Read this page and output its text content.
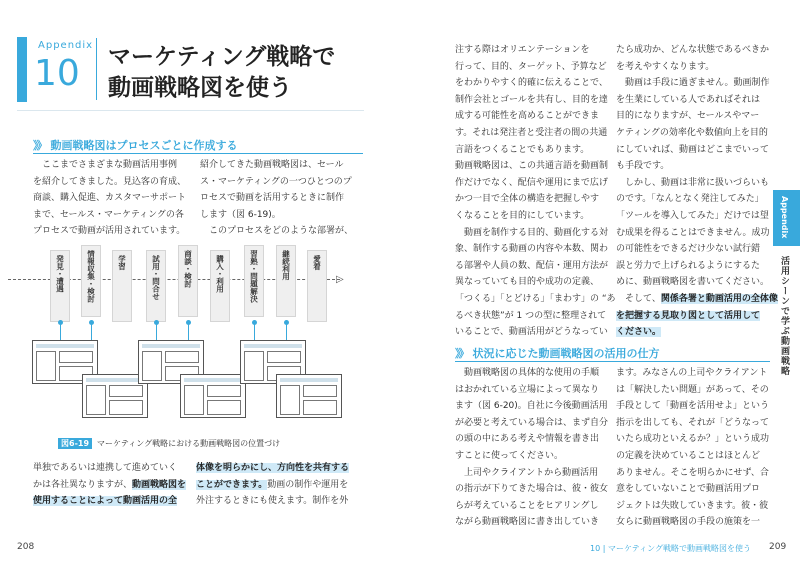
Appendix
10 マーケティング戦略で
動画戦略図を使う
》》 動画戦略図はプロセスごとに作成する
　ここまでさまざまな動画活用事例
を紹介してきました。見込客の育成、
商談、購入促進、カスタマーサポート
まで、セールス・マーケティングの各
プロセスで動画が活用されています。
紹介してきた動画戦略図は、セール
ス・マーケティングの一つひとつのプ
ロセスで動画を活用するときに制作
します（図 6-19)。
　このプロセスをどのような部署が、
▷
発見・遭遇	情報収集・検討	学習	試用・問合せ	商談・検討	購入・利用	習熟・問題解決	継続利用	愛着
図6-19 マーケティング戦略における動画戦略図の位置づけ
単独であるいは連携して進めていく
かは各社異なりますが、動画戦略図を
使用することによって動画活用の全
体像を明らかにし、方向性を共有する
ことができます。動画の制作や運用を
外注するときにも使えます。制作を外
208
注する際はオリエンテーションを
行って、目的、ターゲット、予算など
をわかりやすく的確に伝えることで、
制作会社とゴールを共有し、目的を達
成する可能性を高めることができま
す。それは発注者と受注者の間の共通
言語をつくることでもあります。
動画戦略図は、この共通言語を動画制
作だけでなく、配信や運用にまで広げ
かつ一目で全体の構造を把握しやす
くなることを目的にしています。
　動画を制作する目的、動画化する対
象、制作する動画の内容や本数、関わ
る部署や人員の数、配信・運用方法が
異なっていても目的や成功の定義、
「つくる」「とどける」「まわす」の “あ
るべき状態”が 1 つの型に整理されて
いることで、動画活用がどうなってい
たら成功か、どんな状態であるべきか
を考えやすくなります。
　動画は手段に過ぎません。動画制作
を生業にしている人であればそれは
目的になりますが、セールスやマー
ケティングの効率化や数値向上を目的
にしていれば、動画はどこまでいって
も手段です。
　しかし、動画は非常に扱いづらいも
のです。「なんとなく発注してみた」
「ツールを導入してみた」だけでは望
む成果を得ることはできません。成功
の可能性をできるだけ少ない試行錯
誤と労力で上げられるようにするた
めに、動画戦略図を書いてください。
　そして、関係各署と動画活用の全体像
を把握する見取り図として活用して
ください。
》》 状況に応じた動画戦略図の活用の仕方
　動画戦略図の具体的な使用の手順
はおかれている立場によって異なり
ます（図 6-20)。自社に今後動画活用
が必要と考えている場合は、まず自分
の頭の中にある考えや情報を書き出
すことに使ってください。
　上司やクライアントから動画活用
の指示が下りてきた場合は、彼・彼女
らが考えていることをヒアリングし
ながら動画戦略図に書き出していき
ます。みなさんの上司やクライアント
は「解決したい問題」があって、その
手段として「動画を活用せよ」という
指示を出しても、それが「どうなって
いたら成功といえるか？」という成功
の定義を決めていることはほとんど
ありません。そこを明らかにせず、合
意をしていないことで動画活用プロ
ジェクトは失敗していきます。彼・彼
女らに動画戦略図の手段の施策を一
10 | マーケティング戦略で動画戦略図を使う 209
Appendix
活用シーンで学ぶ動画戦略
